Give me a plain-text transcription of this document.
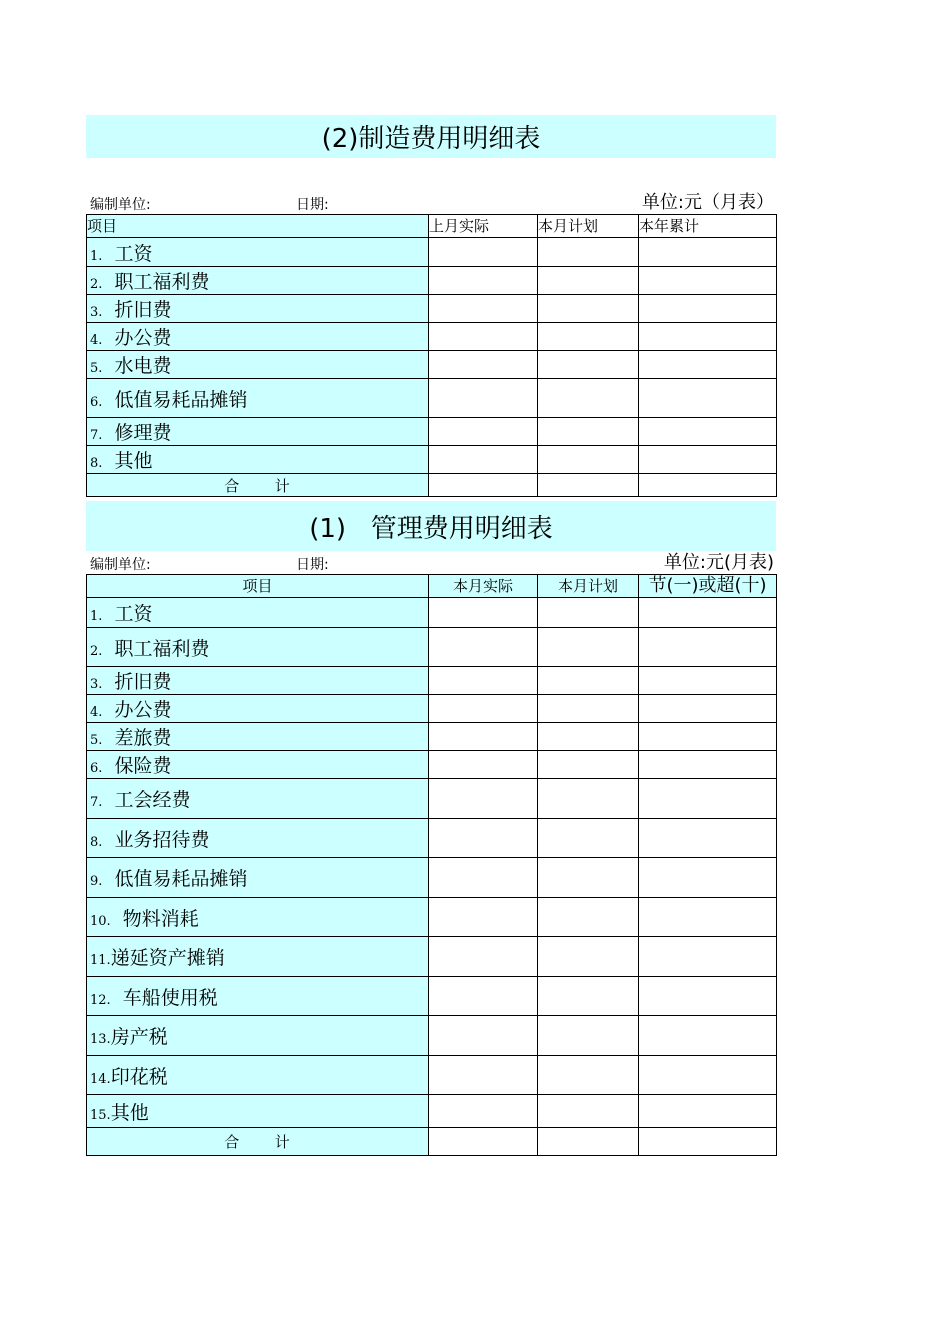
(2)制造费用明细表
编制单位:	日期:	单位:元（月表）
项目	上月实际	本月计划	本年累计
1. 工资			
2. 职工福利费			
3. 折旧费			
4. 办公费			
5. 水电费			
6. 低值易耗品摊销			
7. 修理费			
8. 其他			
合      计			
(1)   管理费用明细表
编制单位:	日期:	单位:元(月表)
项目	本月实际	本月计划	节(一)或超(十)
1. 工资			
2. 职工福利费			
3. 折旧费			
4. 办公费			
5. 差旅费			
6. 保险费			
7. 工会经费			
8. 业务招待费			
9. 低值易耗品摊销			
10. 物料消耗			
11.递延资产摊销			
12. 车船使用税			
13.房产税			
14.印花税			
15.其他			
合      计			
